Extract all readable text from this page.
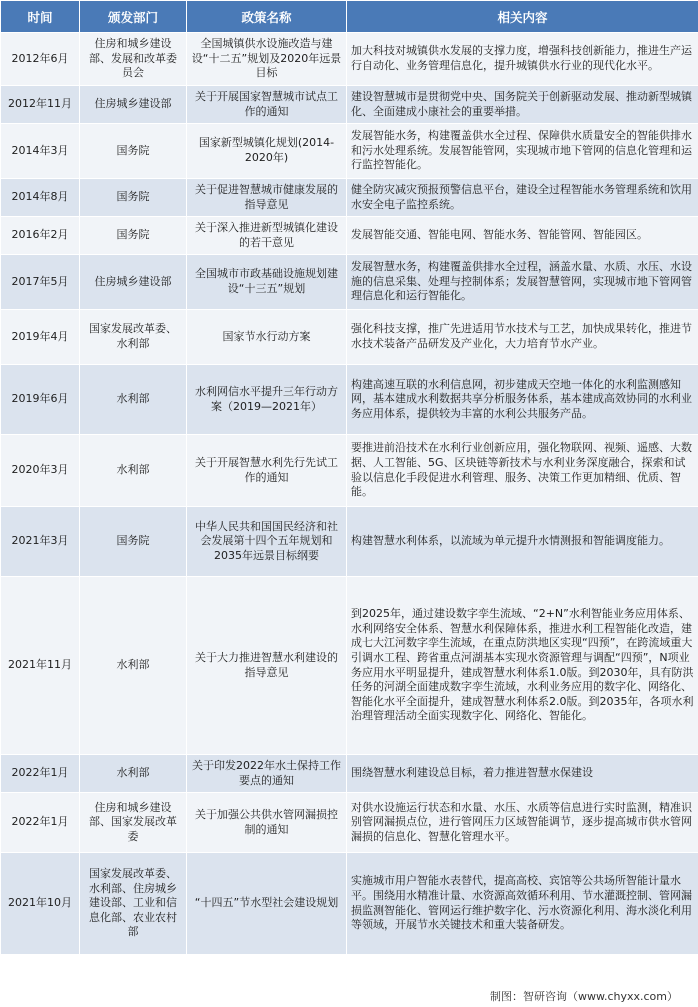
时间	颁发部门	政策名称	相关内容
2012年6月	住房和城乡建设部、发展和改革委员会	全国城镇供水设施改造与建设“十二五”规划及2020年远景目标	加大科技对城镇供水发展的支撑力度，增强科技创新能力，推进生产运行自动化、业务管理信息化，提升城镇供水行业的现代化水平。
2012年11月	住房城乡建设部	关于开展国家智慧城市试点工作的通知	建设智慧城市是贯彻党中央、国务院关于创新驱动发展、推动新型城镇化、全面建成小康社会的重要举措。
2014年3月	国务院	国家新型城镇化规划(2014-2020年)	发展智能水务，构建覆盖供水全过程、保障供水质量安全的智能供排水和污水处理系统。发展智能管网，实现城市地下管网的信息化管理和运行监控智能化。
2014年8月	国务院	关于促进智慧城市健康发展的指导意见	健全防灾减灾预报预警信息平台，建设全过程智能水务管理系统和饮用水安全电子监控系统。
2016年2月	国务院	关于深入推进新型城镇化建设的若干意见	发展智能交通、智能电网、智能水务、智能管网、智能园区。
2017年5月	住房城乡建设部	全国城市市政基础设施规划建设“十三五”规划	发展智慧水务，构建覆盖供排水全过程，涵盖水量、水质、水压、水设施的信息采集、处理与控制体系；发展智慧管网，实现城市地下管网管理信息化和运行智能化。
2019年4月	国家发展改革委、水利部	国家节水行动方案	强化科技支撑，推广先进适用节水技术与工艺，加快成果转化，推进节水技术装备产品研发及产业化，大力培育节水产业。
2019年6月	水利部	水利网信水平提升三年行动方案（2019—2021年）	构建高速互联的水利信息网，初步建成天空地一体化的水利监测感知网，基本建成水利数据共享分析服务体系，基本建成高效协同的水利业务应用体系，提供较为丰富的水利公共服务产品。
2020年3月	水利部	关于开展智慧水利先行先试工作的通知	要推进前沿技术在水利行业创新应用，强化物联网、视频、遥感、大数据、人工智能、5G、区块链等新技术与水利业务深度融合，探索和试验以信息化手段促进水利管理、服务、决策工作更加精细、优质、智能。
2021年3月	国务院	中华人民共和国国民经济和社会发展第十四个五年规划和2035年远景目标纲要	构建智慧水利体系，以流域为单元提升水情测报和智能调度能力。
2021年11月	水利部	关于大力推进智慧水利建设的指导意见	到2025年，通过建设数字孪生流域、“2+N”水利智能业务应用体系、水利网络安全体系、智慧水利保障体系，推进水利工程智能化改造，建成七大江河数字孪生流域，在重点防洪地区实现“四预”，在跨流域重大引调水工程、跨省重点河湖基本实现水资源管理与调配“四预”，N项业务应用水平明显提升，建成智慧水利体系1.0版。到2030年，具有防洪任务的河湖全面建成数字孪生流域，水利业务应用的数字化、网络化、智能化水平全面提升，建成智慧水利体系2.0版。到2035年，各项水利治理管理活动全面实现数字化、网络化、智能化。
2022年1月	水利部	关于印发2022年水土保持工作要点的通知	围绕智慧水利建设总目标，着力推进智慧水保建设
2022年1月	住房和城乡建设部、国家发展改革委	关于加强公共供水管网漏损控制的通知	对供水设施运行状态和水量、水压、水质等信息进行实时监测，精准识别管网漏损点位，进行管网压力区域智能调节，逐步提高城市供水管网漏损的信息化、智慧化管理水平。
2021年10月	国家发展改革委、水利部、住房城乡建设部、工业和信息化部、农业农村部	“十四五”节水型社会建设规划	实施城市用户智能水表替代，提高高校、宾馆等公共场所智能计量水平。围绕用水精准计量、水资源高效循环利用、节水灌溉控制、管网漏损监测智能化、管网运行维护数字化、污水资源化利用、海水淡化利用等领域，开展节水关键技术和重大装备研发。
制图：智研咨询（www.chyxx.com）
